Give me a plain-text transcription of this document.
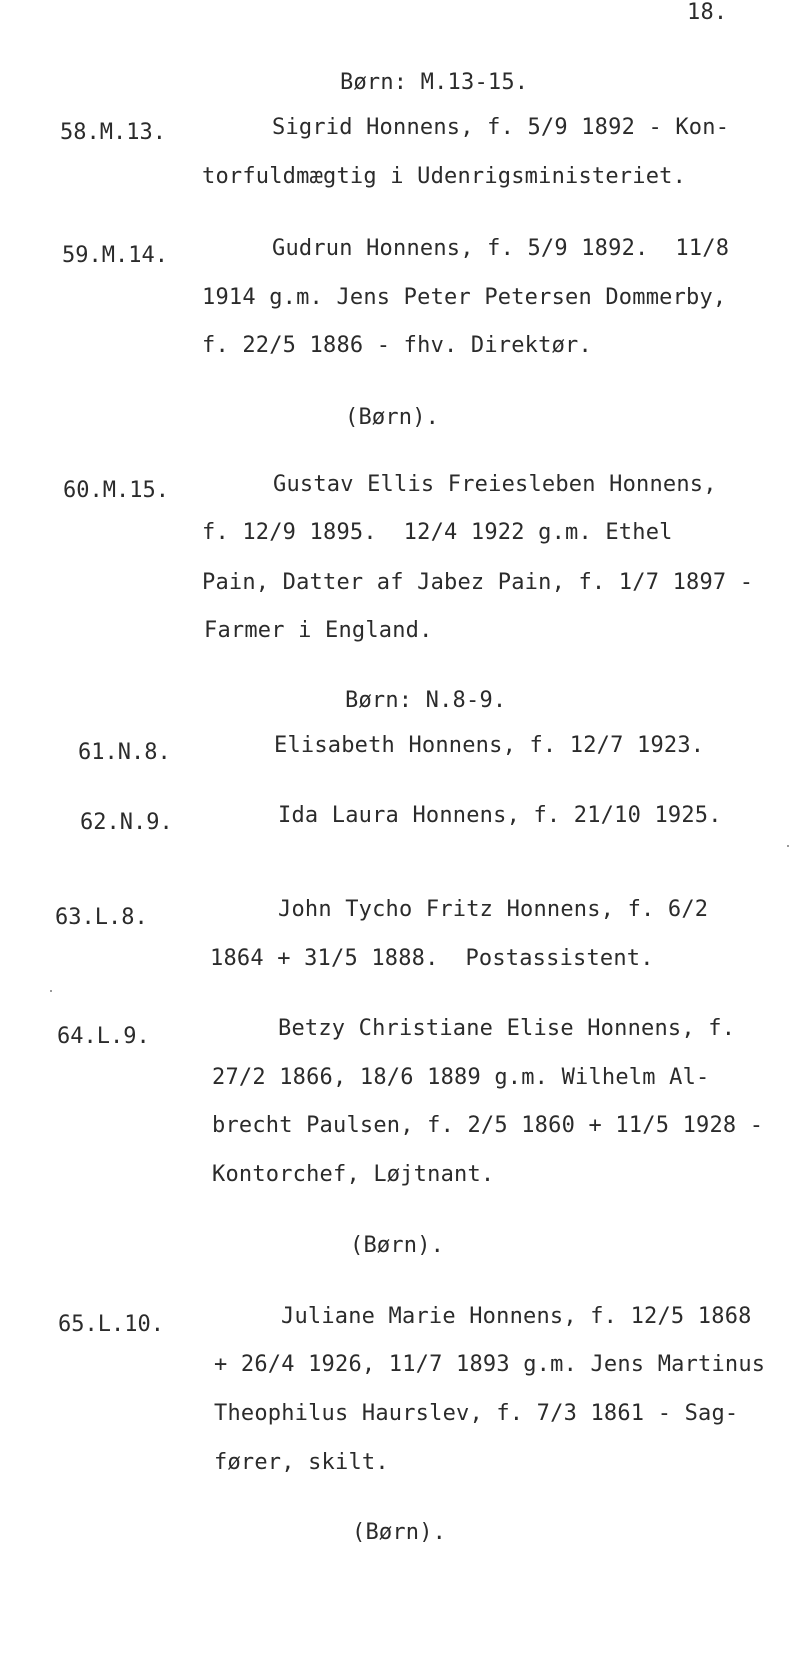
18.
Børn: M.13-15.
58.M.13.	Sigrid Honnens, f. 5/9 1892 - Kon-
torfuldmægtig i Udenrigsministeriet.
59.M.14.	Gudrun Honnens, f. 5/9 1892.  11/8
1914 g.m. Jens Peter Petersen Dommerby,
f. 22/5 1886 - fhv. Direktør.
(Børn).
60.M.15.	Gustav Ellis Freiesleben Honnens,
f. 12/9 1895.  12/4 1922 g.m. Ethel
Pain, Datter af Jabez Pain, f. 1/7 1897 -
Farmer i England.
Børn: N.8-9.
61.N.8.	Elisabeth Honnens, f. 12/7 1923.
62.N.9.	Ida Laura Honnens, f. 21/10 1925.
63.L.8.	John Tycho Fritz Honnens, f. 6/2
1864 + 31/5 1888.  Postassistent.
64.L.9.	Betzy Christiane Elise Honnens, f.
27/2 1866, 18/6 1889 g.m. Wilhelm Al-
brecht Paulsen, f. 2/5 1860 + 11/5 1928 -
Kontorchef, Løjtnant.
(Børn).
65.L.10.	Juliane Marie Honnens, f. 12/5 1868
+ 26/4 1926, 11/7 1893 g.m. Jens Martinus
Theophilus Haurslev, f. 7/3 1861 - Sag-
fører, skilt.
(Børn).
